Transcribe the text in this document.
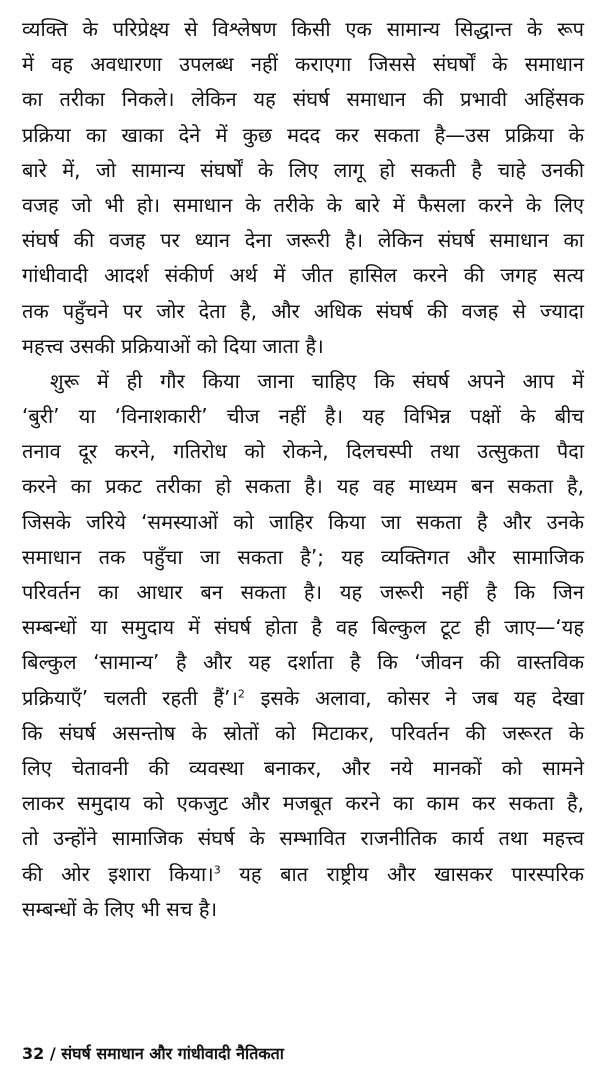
व्यक्ति के परिप्रेक्ष्य से विश्लेषण किसी एक सामान्य सिद्धान्त के रूप
में वह अवधारणा उपलब्ध नहीं कराएगा जिससे संघर्षों के समाधान
का तरीका निकले। लेकिन यह संघर्ष समाधान की प्रभावी अहिंसक
प्रक्रिया का खाका देने में कुछ मदद कर सकता है—उस प्रक्रिया के
बारे में, जो सामान्य संघर्षों के लिए लागू हो सकती है चाहे उनकी
वजह जो भी हो। समाधान के तरीके के बारे में फैसला करने के लिए
संघर्ष की वजह पर ध्यान देना जरूरी है। लेकिन संघर्ष समाधान का
गांधीवादी आदर्श संकीर्ण अर्थ में जीत हासिल करने की जगह सत्य
तक पहुँचने पर जोर देता है, और अधिक संघर्ष की वजह से ज्यादा
महत्त्व उसकी प्रक्रियाओं को दिया जाता है।
शुरू में ही गौर किया जाना चाहिए कि संघर्ष अपने आप में
‘बुरी’ या ‘विनाशकारी’ चीज नहीं है। यह विभिन्न पक्षों के बीच
तनाव दूर करने, गतिरोध को रोकने, दिलचस्पी तथा उत्सुकता पैदा
करने का प्रकट तरीका हो सकता है। यह वह माध्यम बन सकता है,
जिसके जरिये ‘समस्याओं को जाहिर किया जा सकता है और उनके
समाधान तक पहुँचा जा सकता है’; यह व्यक्तिगत और सामाजिक
परिवर्तन का आधार बन सकता है। यह जरूरी नहीं है कि जिन
सम्बन्धों या समुदाय में संघर्ष होता है वह बिल्कुल टूट ही जाए—‘यह
बिल्कुल ‘सामान्य’ है और यह दर्शाता है कि ‘जीवन की वास्तविक
प्रक्रियाएँ’ चलती रहती हैं’।$^2$ इसके अलावा, कोसर ने जब यह देखा
कि संघर्ष असन्तोष के स्रोतों को मिटाकर, परिवर्तन की जरूरत के
लिए चेतावनी की व्यवस्था बनाकर, और नये मानकों को सामने
लाकर समुदाय को एकजुट और मजबूत करने का काम कर सकता है,
तो उन्होंने सामाजिक संघर्ष के सम्भावित राजनीतिक कार्य तथा महत्त्व
की ओर इशारा किया।$^3$ यह बात राष्ट्रीय और खासकर पारस्परिक
सम्बन्धों के लिए भी सच है।
32 / संघर्ष समाधान और गांधीवादी नैतिकता
